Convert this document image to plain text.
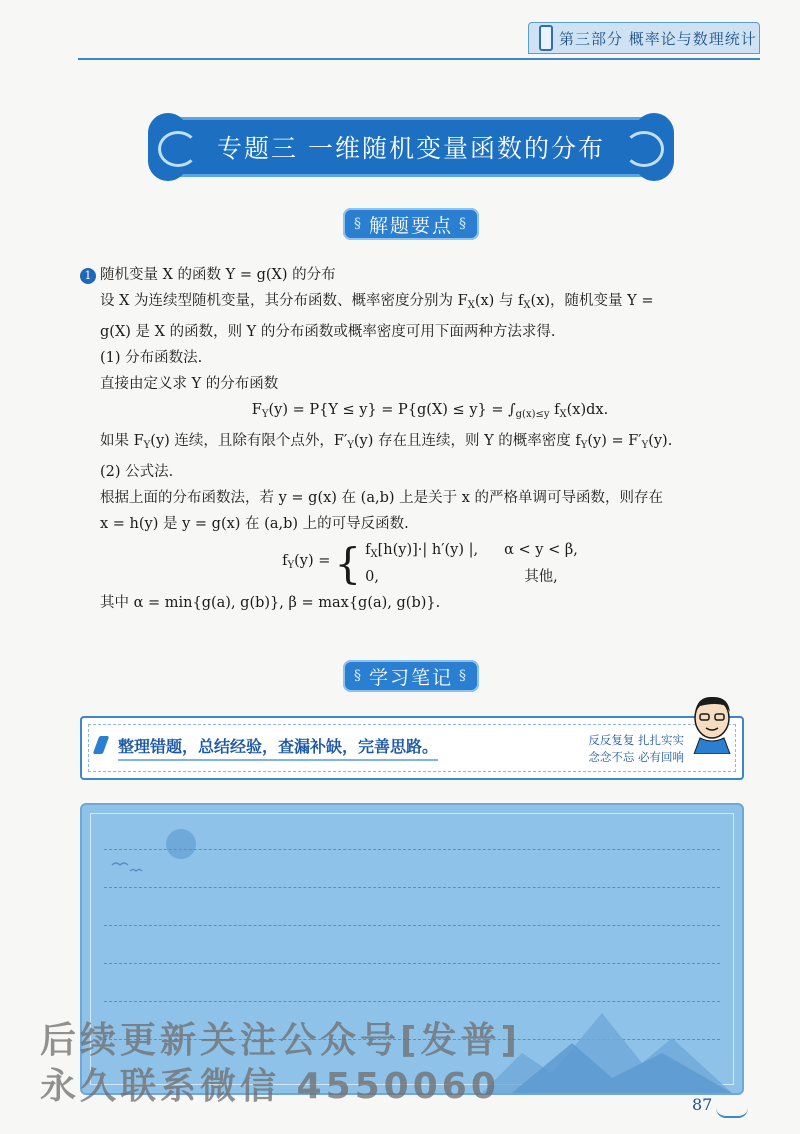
第三部分 概率论与数理统计
专题三 一维随机变量函数的分布
§ 解题要点 §
1 随机变量 X 的函数 Y = g(X) 的分布

设 X 为连续型随机变量，其分布函数、概率密度分别为 $F_X(x)$ 与 $f_X(x)$，随机变量 Y =

g(X) 是 X 的函数，则 Y 的分布函数或概率密度可用下面两种方法求得.

(1) 分布函数法.

直接由定义求 Y 的分布函数

$F_Y(y) = P\{Y \le y\} = P\{g(X) \le y\} = \int_{g(x)\le y}$ $f_X(x)dx$.

如果 $F_Y(y)$ 连续，且除有限个点外，$F'_Y(y)$ 存在且连续，则 Y 的概率密度 $f_Y(y) = F'_Y(y)$.

(2) 公式法.

根据上面的分布函数法，若 y = g(x) 在 (a,b) 上是关于 x 的严格单调可导函数，则存在

x = h(y) 是 y = g(x) 在 (a,b) 上的可导反函数.

$f_Y(y)$ = { $f_X[h(y)]\cdot|$ h′(y) |, α < y < β,
0,	其他,

其中 α = min{g(a), g(b)}, β = max{g(a), g(b)}.

§ 学习笔记 §
整理错题，总结经验，查漏补缺，完善思路。	反反复复 扎扎实实
念念不忘 必有回响
后续更新关注公众号[发普]
永久联系微信 4550060	87
